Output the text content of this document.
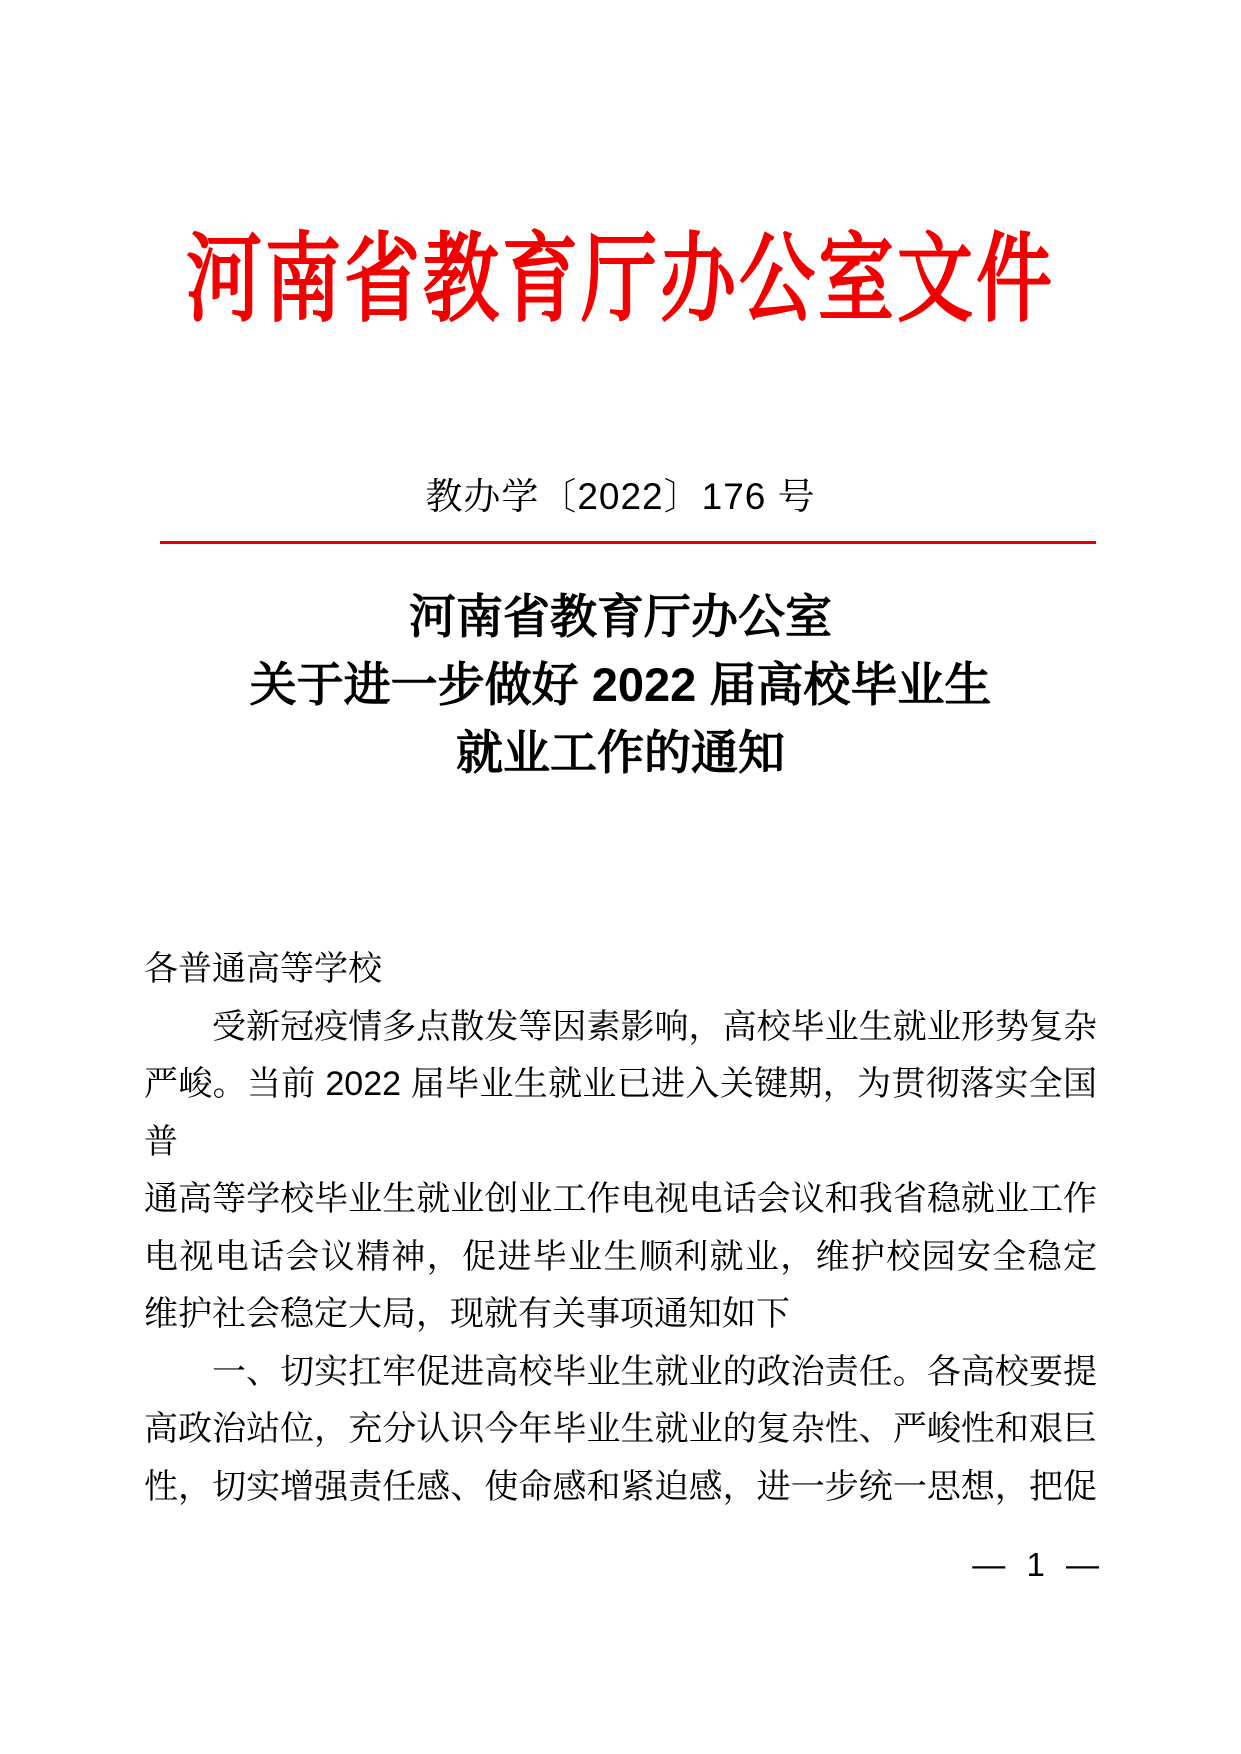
河南省教育厅办公室文件
教办学〔2022〕176 号
河南省教育厅办公室
关于进一步做好 2022 届高校毕业生
就业工作的通知
各普通高等学校
受新冠疫情多点散发等因素影响，高校毕业生就业形势复杂
严峻。当前 2022 届毕业生就业已进入关键期，为贯彻落实全国普
通高等学校毕业生就业创业工作电视电话会议和我省稳就业工作
电视电话会议精神，促进毕业生顺利就业，维护校园安全稳定
维护社会稳定大局，现就有关事项通知如下
一、切实扛牢促进高校毕业生就业的政治责任。各高校要提
高政治站位，充分认识今年毕业生就业的复杂性、严峻性和艰巨
性，切实增强责任感、使命感和紧迫感，进一步统一思想，把促
— 1 —
